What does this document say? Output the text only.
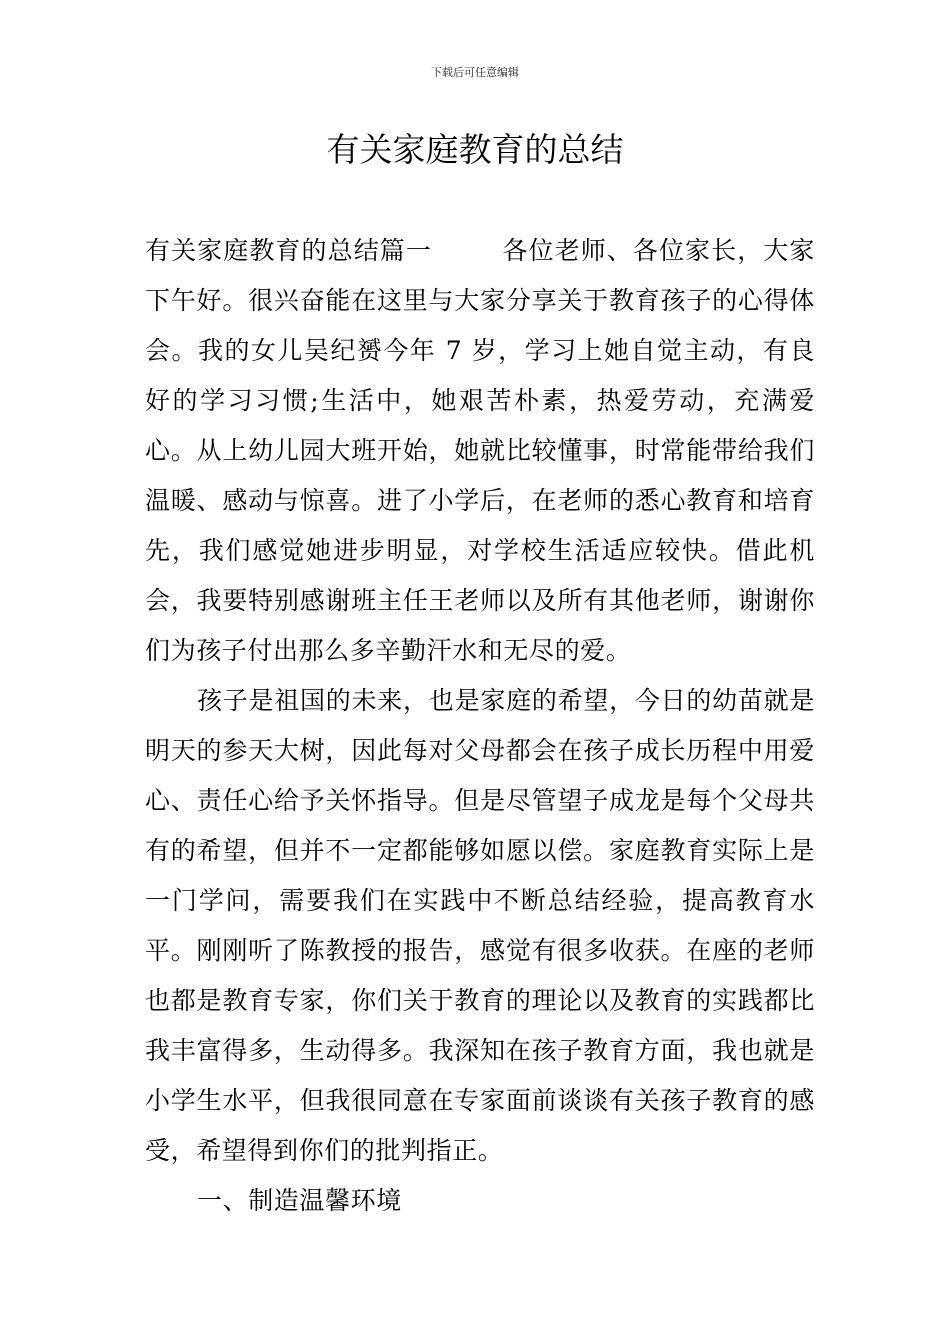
下载后可任意编辑
有关家庭教育的总结

有关家庭教育的总结篇一	各位老师、各位家长，大家下午好。很兴奋能在这里与大家分享关于教育孩子的心得体会。我的女儿吴纪赟今年 7 岁，学习上她自觉主动，有良好的学习习惯;生活中，她艰苦朴素，热爱劳动，充满爱心。从上幼儿园大班开始，她就比较懂事，时常能带给我们温暖、感动与惊喜。进了小学后，在老师的悉心教育和培育先，我们感觉她进步明显，对学校生活适应较快。借此机会，我要特别感谢班主任王老师以及所有其他老师，谢谢你们为孩子付出那么多辛勤汗水和无尽的爱。

孩子是祖国的未来，也是家庭的希望，今日的幼苗就是明天的参天大树，因此每对父母都会在孩子成长历程中用爱心、责任心给予关怀指导。但是尽管望子成龙是每个父母共有的希望，但并不一定都能够如愿以偿。家庭教育实际上是一门学问，需要我们在实践中不断总结经验，提高教育水平。刚刚听了陈教授的报告，感觉有很多收获。在座的老师也都是教育专家，你们关于教育的理论以及教育的实践都比我丰富得多，生动得多。我深知在孩子教育方面，我也就是小学生水平，但我很同意在专家面前谈谈有关孩子教育的感受，希望得到你们的批判指正。

一、制造温馨环境
